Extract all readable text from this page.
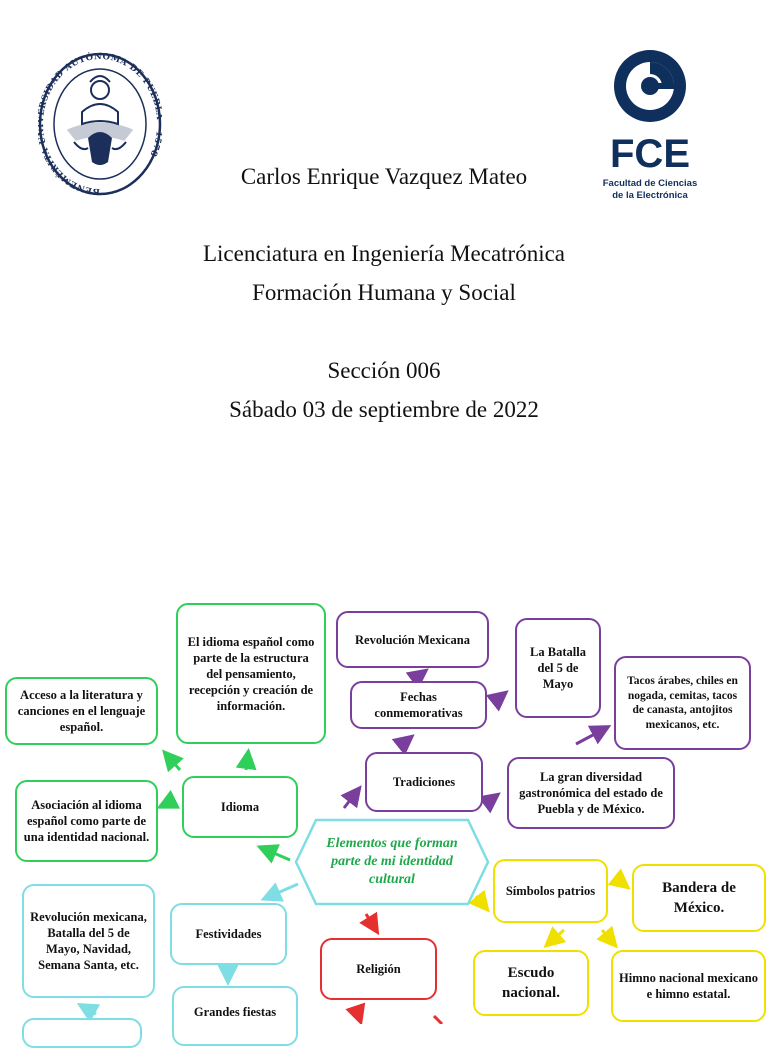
BENEMÉRITA U RSIDAD AUTÓNOMA DE PUEB 578 ·	FCE
Facultad de Ciencias
de la Electrónica
Carlos Enrique Vazquez Mateo
Licenciatura en Ingeniería Mecatrónica
Formación Humana y Social
Sección 006
Sábado 03 de septiembre de 2022
Elementos que forman parte de mi identidad cultural
El idioma español como parte de la estructura del pensamiento, recepción y creación de información.
Acceso a la literatura y canciones en el lenguaje español.
Idioma
Asociación al idioma español como parte de una identidad nacional.
Revolución Mexicana
Fechas conmemorativas
La Batalla del 5 de Mayo	Tacos árabes, chiles en nogada, cemitas, tacos de canasta, antojitos mexicanos, etc.
Tradiciones	La gran diversidad gastronómica del estado de Puebla y de México.
Símbolos patrios	Bandera de México.
Escudo nacional.
Himno nacional mexicano e himno estatal.
Revolución mexicana, Batalla del 5 de Mayo, Navidad, Semana Santa, etc.
Festividades
Grandes fiestas
Religión
